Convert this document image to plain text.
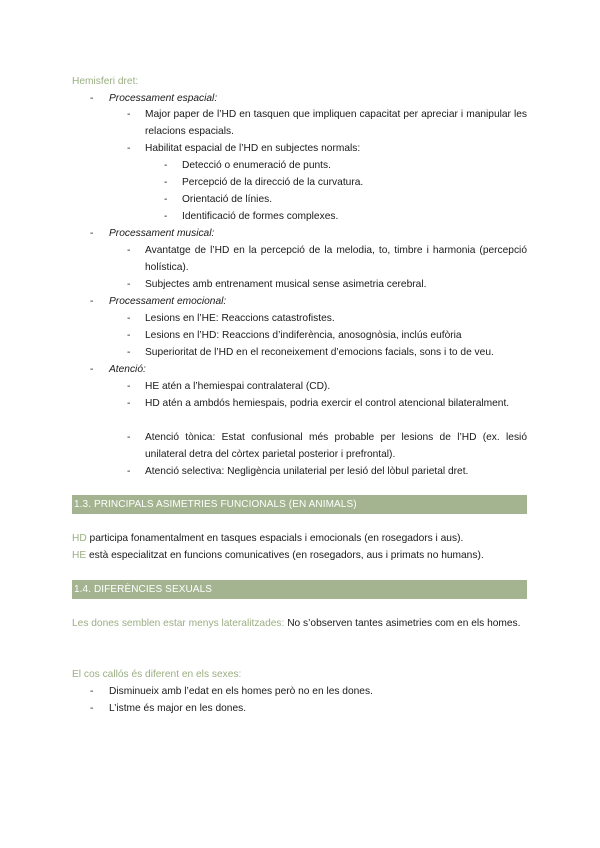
Hemisferi dret:
-	Processament espacial:
-	Major paper de l’HD en tasquen que impliquen capacitat per apreciar i manipular les relacions espacials.
-	Habilitat espacial de l’HD en subjectes normals:
-	Detecció o enumeració de punts.
-	Percepció de la direcció de la curvatura.
-	Orientació de línies.
-	Identificació de formes complexes.
-	Processament musical:
-	Avantatge de l’HD en la percepció de la melodia, to, timbre i harmonia (percepció holística).
-	Subjectes amb entrenament musical sense asimetria cerebral.
-	Processament emocional:
-	Lesions en l’HE: Reaccions catastrofistes.
-	Lesions en l’HD: Reaccions d’indiferència, anosognòsia, inclús eufòria
-	Superioritat de l’HD en el reconeixement d’emocions facials, sons i to de veu.
-	Atenció:
-	HE atén a l’hemiespai contralateral (CD).
-	HD atén a ambdós hemiespais, podria exercir el control atencional bilateralment.
-	Atenció tònica: Estat confusional més probable per lesions de l’HD (ex. lesió unilateral detra del còrtex parietal posterior i prefrontal).
-	Atenció selectiva: Negligència unilaterial per lesió del lòbul parietal dret.
1.3. PRINCIPALS ASIMETRIES FUNCIONALS (EN ANIMALS)
HD participa fonamentalment en tasques espacials i emocionals (en rosegadors i aus).
HE està especialitzat en funcions comunicatives (en rosegadors, aus i primats no humans).
1.4. DIFERÈNCIES SEXUALS
Les dones semblen estar menys lateralitzades: No s’observen tantes asimetries com en els homes.
El cos callós és diferent en els sexes:
-	Disminueix amb l’edat en els homes però no en les dones.
-	L’istme és major en les dones.
